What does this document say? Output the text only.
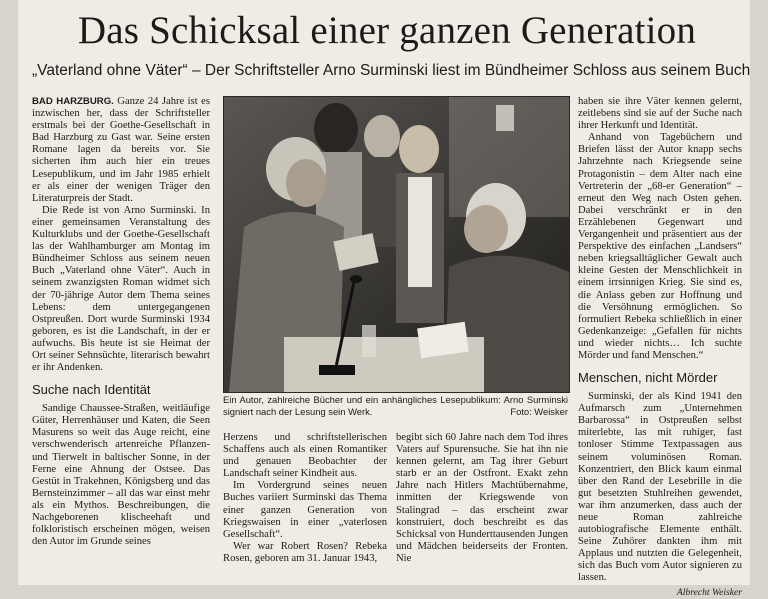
Das Schicksal einer ganzen Generation
„Vaterland ohne Väter“ – Der Schriftsteller Arno Surminski liest im Bündheimer Schloss aus seinem Buch

BAD HARZBURG. Ganze 24 Jahre ist es inzwischen her, dass der Schriftsteller erstmals bei der Goethe-Gesellschaft in Bad Harzburg zu Gast war. Seine ersten Romane lagen da bereits vor. Sie sicherten ihm auch hier ein treues Lesepublikum, und im Jahr 1985 erhielt er als einer der wenigen Träger den Literaturpreis der Stadt.

Die Rede ist von Arno Surminski. In einer gemeinsamen Veranstaltung des Kulturklubs und der Goethe-Gesellschaft las der Wahlhamburger am Montag im Bündheimer Schloss aus seinem neuen Buch „Vaterland ohne Väter“. Auch in seinem zwanzigsten Roman widmet sich der 70-jährige Autor dem Thema seines Lebens: dem untergegangenen Ostpreußen. Dort wurde Surminski 1934 geboren, es ist die Landschaft, in der er aufwuchs. Bis heute ist sie Heimat der Ort seiner Sehnsüchte, literarisch bewahrt er ihr Andenken.

Suche nach Identität

Sandige Chaussee-Straßen, weitläufige Güter, Herrenhäuser und Katen, die Seen Masurens so weit das Auge reicht, eine verschwenderisch artenreiche Pflanzen- und Tierwelt in baltischer Sonne, in der Ferne eine Ahnung der Ostsee. Das Gestüt in Trakehnen, Königsberg und das Bernsteinzimmer – all das war einst mehr als ein Mythos. Beschreibungen, die Nachgeborenen klischeehaft und folkloristisch erscheinen mögen, weisen den Autor im Grunde seines

Ein Autor, zahlreiche Bücher und ein anhängliches Lesepublikum: Arno Surminski signiert nach der Lesung sein Werk.	Foto: Weisker

Herzens und schriftstellerischen Schaffens auch als einen Romantiker und genauen Beobachter der Landschaft seiner Kindheit aus.

Im Vordergrund seines neuen Buches variiert Surminski das Thema einer ganzen Generation von Kriegswaisen in einer „vaterlosen Gesellschaft“.

Wer war Robert Rosen? Rebeka Rosen, geboren am 31. Januar 1943,

begibt sich 60 Jahre nach dem Tod ihres Vaters auf Spurensuche. Sie hat ihn nie kennen gelernt, am Tag ihrer Geburt starb er an der Ostfront. Exakt zehn Jahre nach Hitlers Machtübernahme, inmitten der Kriegswende von Stalingrad – das erscheint zwar konstruiert, doch beschreibt es das Schicksal von Hunderttausenden Jungen und Mädchen beiderseits der Fronten. Nie

haben sie ihre Väter kennen gelernt, zeitlebens sind sie auf der Suche nach ihrer Herkunft und Identität.

Anhand von Tagebüchern und Briefen lässt der Autor knapp sechs Jahrzehnte nach Kriegsende seine Protagonistin – dem Alter nach eine Vertreterin der „68-er Generation“ – erneut den Weg nach Osten gehen. Dabei verschränkt er in den Erzählebenen Gegenwart und Vergangenheit und präsentiert aus der Perspektive des einfachen „Landsers“ neben kriegsalltäglicher Gewalt auch kleine Gesten der Menschlichkeit in einem irrsinnigen Krieg. Sie sind es, die Anlass geben zur Hoffnung und die Versöhnung ermöglichen. So formuliert Rebeka schließlich in einer Gedenkanzeige: „Gefallen für nichts und wieder nichts… Ich suchte Mörder und fand Menschen.“

Menschen, nicht Mörder

Surminski, der als Kind 1941 den Aufmarsch zum „Unternehmen Barbarossa“ in Ostpreußen selbst miterlebte, las mit ruhiger, fast tonloser Stimme Textpassagen aus seinem voluminösen Roman. Konzentriert, den Blick kaum einmal über den Rand der Lesebrille in die gut besetzten Stuhlreihen gewendet, war ihm anzumerken, dass auch der neue Roman zahlreiche autobiografische Elemente enthält. Seine Zuhörer dankten ihm mit Applaus und nutzten die Gelegenheit, sich das Buch vom Autor signieren zu lassen.

Albrecht Weisker
